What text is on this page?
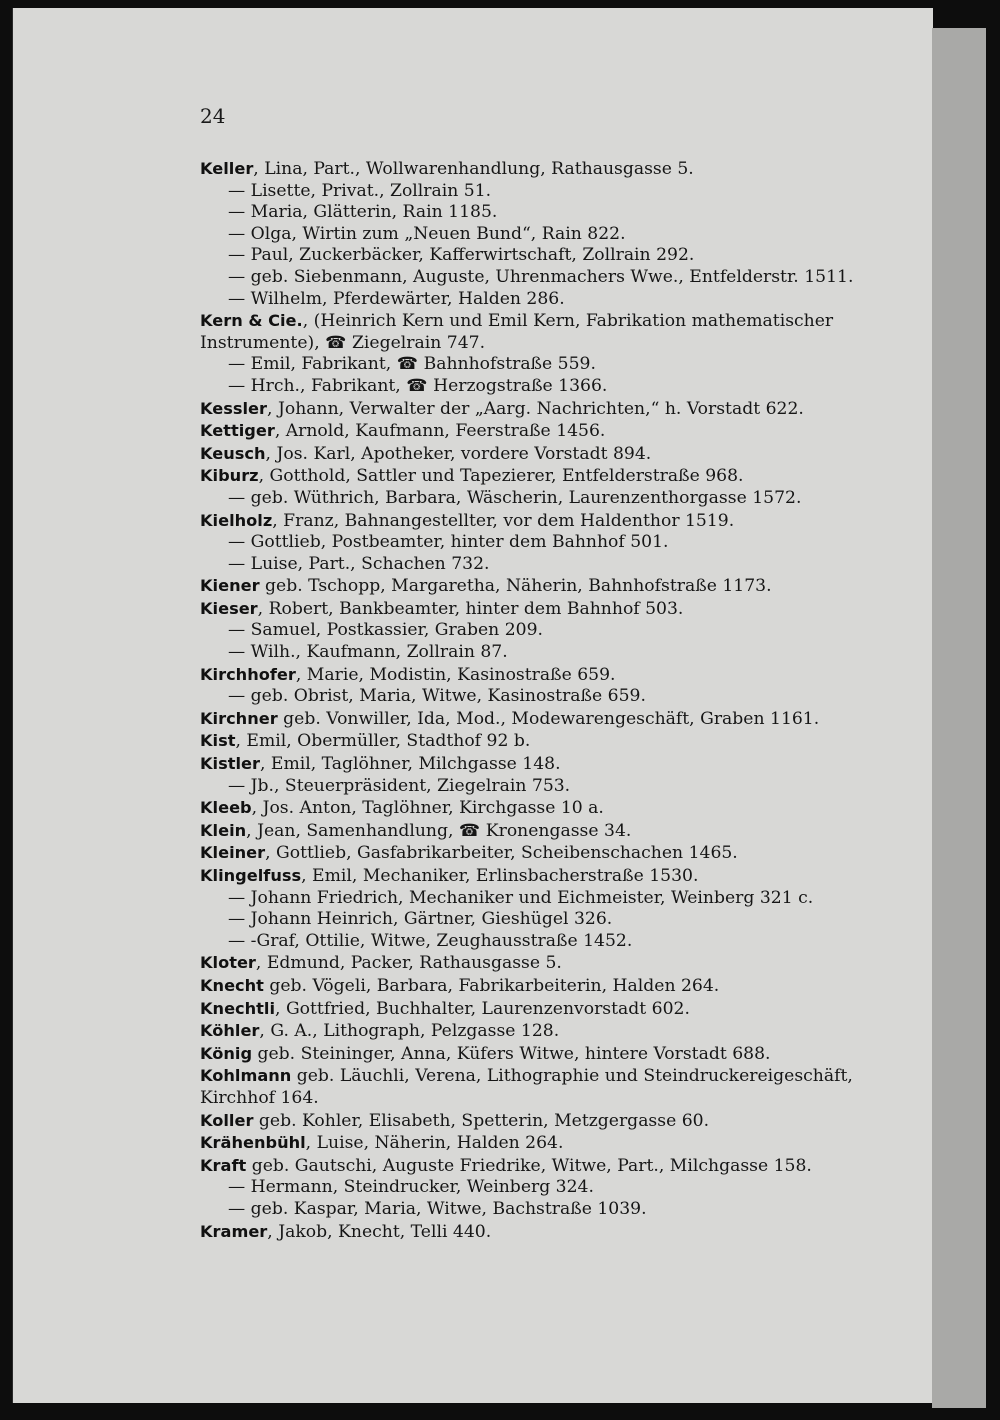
24

Keller, Lina, Part., Wollwarenhandlung, Rathausgasse 5.
— Lisette, Privat., Zollrain 51.
— Maria, Glätterin, Rain 1185.
— Olga, Wirtin zum „Neuen Bund“, Rain 822.
— Paul, Zuckerbäcker, Kafferwirtschaft, Zollrain 292.
— geb. Siebenmann, Auguste, Uhrenmachers Wwe., Entfelderstr. 1511.
— Wilhelm, Pferdewärter, Halden 286.
Kern & Cie., (Heinrich Kern und Emil Kern, Fabrikation mathematischer Instrumente), ☎ Ziegelrain 747.
— Emil, Fabrikant, ☎ Bahnhofstraße 559.
— Hrch., Fabrikant, ☎ Herzogstraße 1366.
Kessler, Johann, Verwalter der „Aarg. Nachrichten,“ h. Vorstadt 622.
Kettiger, Arnold, Kaufmann, Feerstraße 1456.
Keusch, Jos. Karl, Apotheker, vordere Vorstadt 894.
Kiburz, Gotthold, Sattler und Tapezierer, Entfelderstraße 968.
— geb. Wüthrich, Barbara, Wäscherin, Laurenzenthorgasse 1572.
Kielholz, Franz, Bahnangestellter, vor dem Haldenthor 1519.
— Gottlieb, Postbeamter, hinter dem Bahnhof 501.
— Luise, Part., Schachen 732.
Kiener geb. Tschopp, Margaretha, Näherin, Bahnhofstraße 1173.
Kieser, Robert, Bankbeamter, hinter dem Bahnhof 503.
— Samuel, Postkassier, Graben 209.
— Wilh., Kaufmann, Zollrain 87.
Kirchhofer, Marie, Modistin, Kasinostraße 659.
— geb. Obrist, Maria, Witwe, Kasinostraße 659.
Kirchner geb. Vonwiller, Ida, Mod., Modewarengeschäft, Graben 1161.
Kist, Emil, Obermüller, Stadthof 92 b.
Kistler, Emil, Taglöhner, Milchgasse 148.
— Jb., Steuerpräsident, Ziegelrain 753.
Kleeb, Jos. Anton, Taglöhner, Kirchgasse 10 a.
Klein, Jean, Samenhandlung, ☎ Kronengasse 34.
Kleiner, Gottlieb, Gasfabrikarbeiter, Scheibenschachen 1465.
Klingelfuss, Emil, Mechaniker, Erlinsbacherstraße 1530.
— Johann Friedrich, Mechaniker und Eichmeister, Weinberg 321 c.
— Johann Heinrich, Gärtner, Gieshügel 326.
— -Graf, Ottilie, Witwe, Zeughausstraße 1452.
Kloter, Edmund, Packer, Rathausgasse 5.
Knecht geb. Vögeli, Barbara, Fabrikarbeiterin, Halden 264.
Knechtli, Gottfried, Buchhalter, Laurenzenvorstadt 602.
Köhler, G. A., Lithograph, Pelzgasse 128.
König geb. Steininger, Anna, Küfers Witwe, hintere Vorstadt 688.
Kohlmann geb. Läuchli, Verena, Lithographie und Steindruckereigeschäft, Kirchhof 164.
Koller geb. Kohler, Elisabeth, Spetterin, Metzgergasse 60.
Krähenbühl, Luise, Näherin, Halden 264.
Kraft geb. Gautschi, Auguste Friedrike, Witwe, Part., Milchgasse 158.
— Hermann, Steindrucker, Weinberg 324.
— geb. Kaspar, Maria, Witwe, Bachstraße 1039.
Kramer, Jakob, Knecht, Telli 440.
